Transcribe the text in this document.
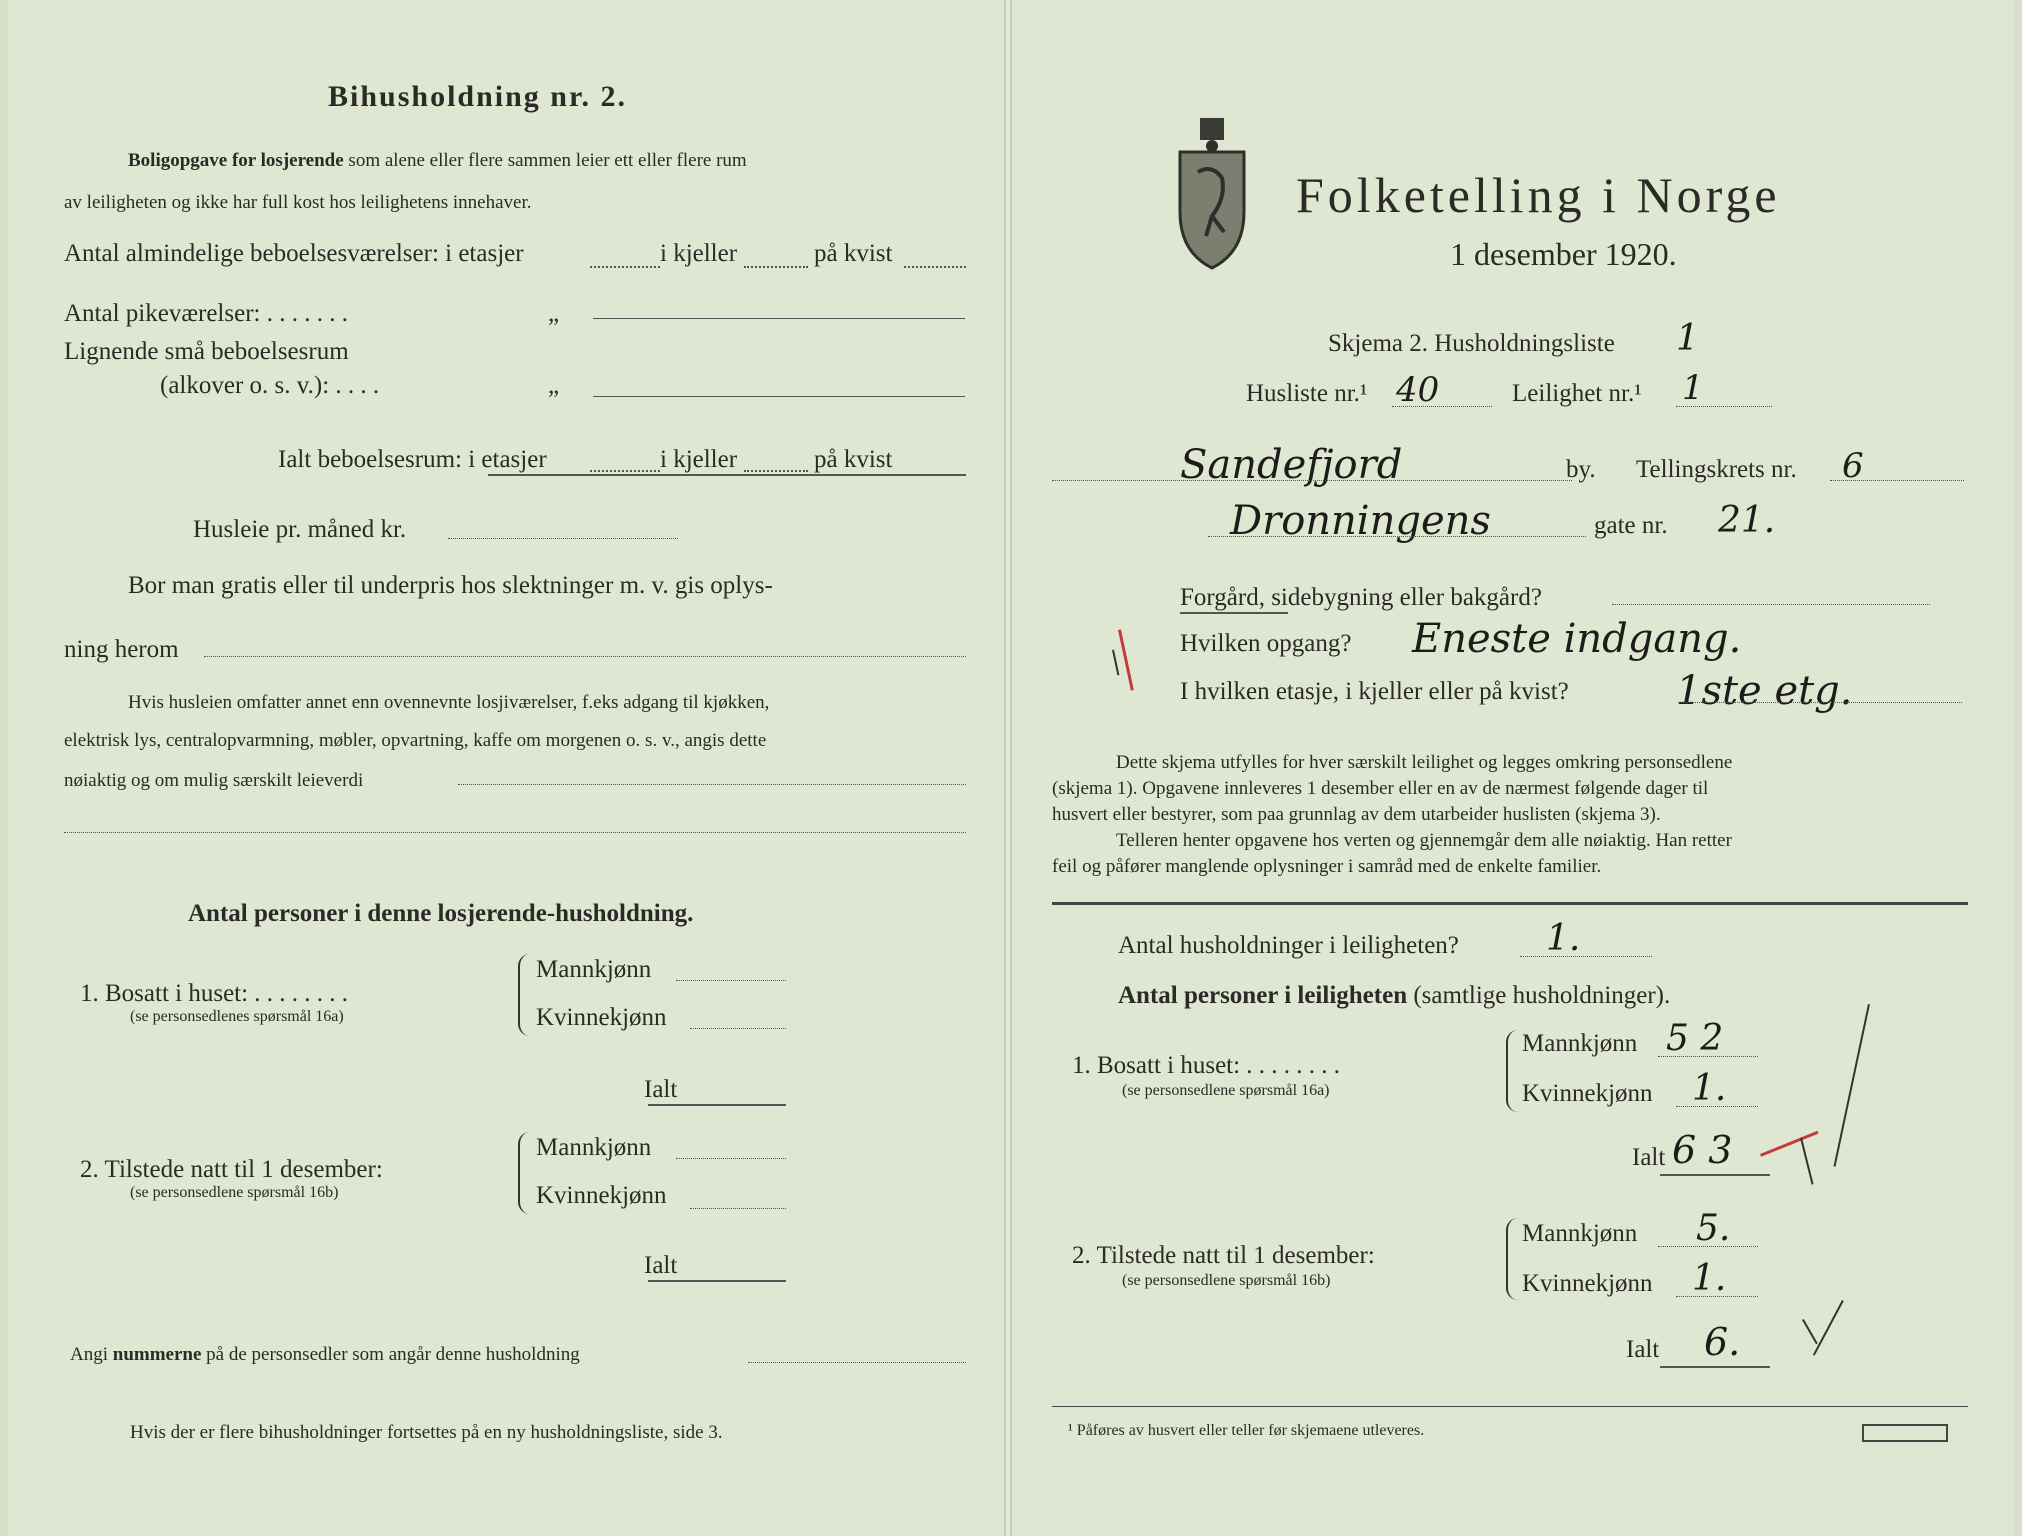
Bihusholdning nr. 2.
Boligopgave for losjerende som alene eller flere sammen leier ett eller flere rum
av leiligheten og ikke har full kost hos leilighetens innehaver.
Antal almindelige beboelsesværelser: i etasjer	i kjeller	på kvist
Antal pikeværelser: . . . . . . .	„
Lignende små beboelsesrum
(alkover o. s. v.): . . . .	„
Ialt beboelsesrum: i etasjer	i kjeller	på kvist
Husleie pr. måned kr.
Bor man gratis eller til underpris hos slektninger m. v. gis oplys-
ning herom
Hvis husleien omfatter annet enn ovennevnte losjiværelser, f.eks adgang til kjøkken,
elektrisk lys, centralopvarmning, møbler, opvartning, kaffe om morgenen o. s. v., angis dette
nøiaktig og om mulig særskilt leieverdi
Antal personer i denne losjerende-husholdning.
1. Bosatt i huset: . . . . . . . .
(se personsedlenes spørsmål 16a)
Mannkjønn
Kvinnekjønn
Ialt
2. Tilstede natt til 1 desember:
(se personsedlene spørsmål 16b)
Mannkjønn
Kvinnekjønn
Ialt
Angi nummerne på de personsedler som angår denne husholdning
Hvis der er flere bihusholdninger fortsettes på en ny husholdningsliste, side 3.
Folketelling i Norge
1 desember 1920.
Skjema 2. Husholdningsliste 1
Husliste nr.¹ 40	Leilighet nr.¹ 1
Sandefjord	by. Tellingskrets nr. 6
Dronningens	gate nr. 21.
Forgård, sidebygning eller bakgård?
Hvilken opgang? Eneste indgang.
I hvilken etasje, i kjeller eller på kvist?	1ste etg.
Dette skjema utfylles for hver særskilt leilighet og legges omkring personsedlene
(skjema 1). Opgavene innleveres 1 desember eller en av de nærmest følgende dager til
husvert eller bestyrer, som paa grunnlag av dem utarbeider huslisten (skjema 3).
Telleren henter opgavene hos verten og gjennemgår dem alle nøiaktig. Han retter
feil og påfører manglende oplysninger i samråd med de enkelte familier.
Antal husholdninger i leiligheten? 1.
Antal personer i leiligheten (samtlige husholdninger).
1. Bosatt i huset: . . . . . . . .
(se personsedlene spørsmål 16a)
Mannkjønn 5 2
Kvinnekjønn 1.
Ialt 6 3
2. Tilstede natt til 1 desember:
(se personsedlene spørsmål 16b)
Mannkjønn 5.
Kvinnekjønn 1.
Ialt 6.
¹ Påføres av husvert eller teller før skjemaene utleveres.
